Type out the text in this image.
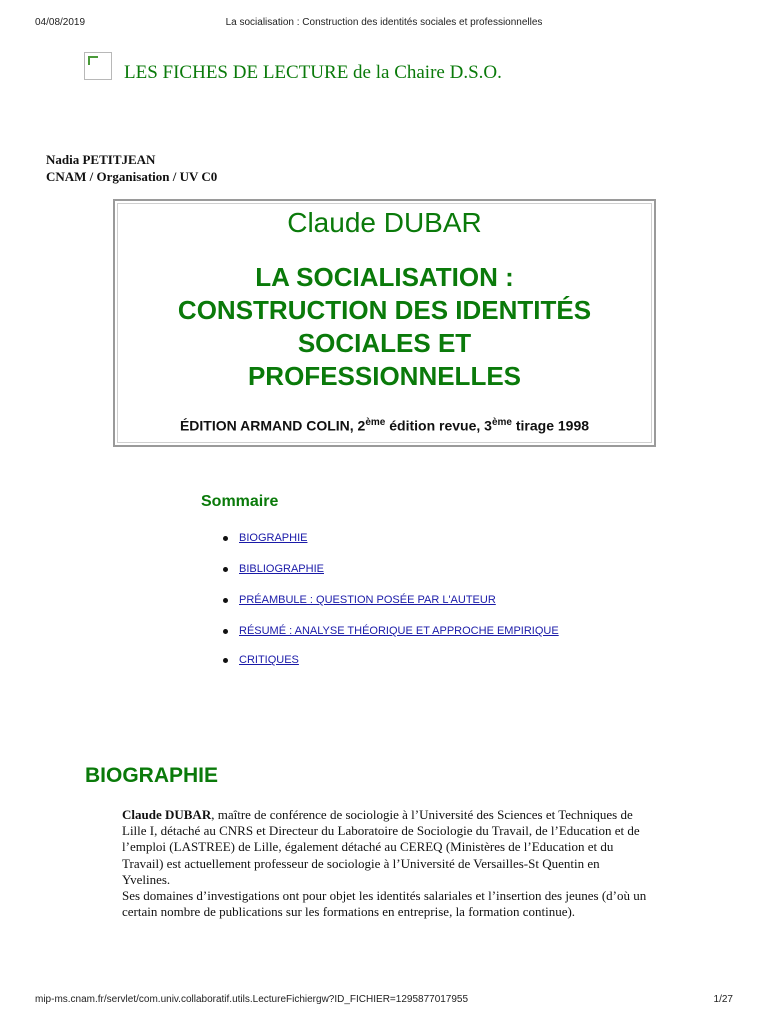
04/08/2019	La socialisation : Construction des identités sociales et professionnelles
LES FICHES DE LECTURE de la Chaire D.S.O.
Nadia PETITJEAN
CNAM / Organisation / UV C0
Claude DUBAR
LA SOCIALISATION :
CONSTRUCTION DES IDENTITÉS
SOCIALES ET
PROFESSIONNELLES
ÉDITION ARMAND COLIN, 2ème édition revue, 3ème tirage 1998
Sommaire
BIOGRAPHIE
BIBLIOGRAPHIE
PRÉAMBULE : QUESTION POSÉE PAR L'AUTEUR
RÉSUMÉ : ANALYSE THÉORIQUE ET APPROCHE EMPIRIQUE
CRITIQUES
BIOGRAPHIE

Claude DUBAR, maître de conférence de sociologie à l’Université des Sciences et Techniques de Lille I, détaché au CNRS et Directeur du Laboratoire de Sociologie du Travail, de l’Education et de l’emploi (LASTREE) de Lille, également détaché au CEREQ (Ministères de l’Education et du Travail) est actuellement professeur de sociologie à l’Université de Versailles-St Quentin en Yvelines.

Ses domaines d’investigations ont pour objet les identités salariales et l’insertion des jeunes (d’où un certain nombre de publications sur les formations en entreprise, la formation continue).

mip-ms.cnam.fr/servlet/com.univ.collaboratif.utils.LectureFichiergw?ID_FICHIER=1295877017955	1/27
